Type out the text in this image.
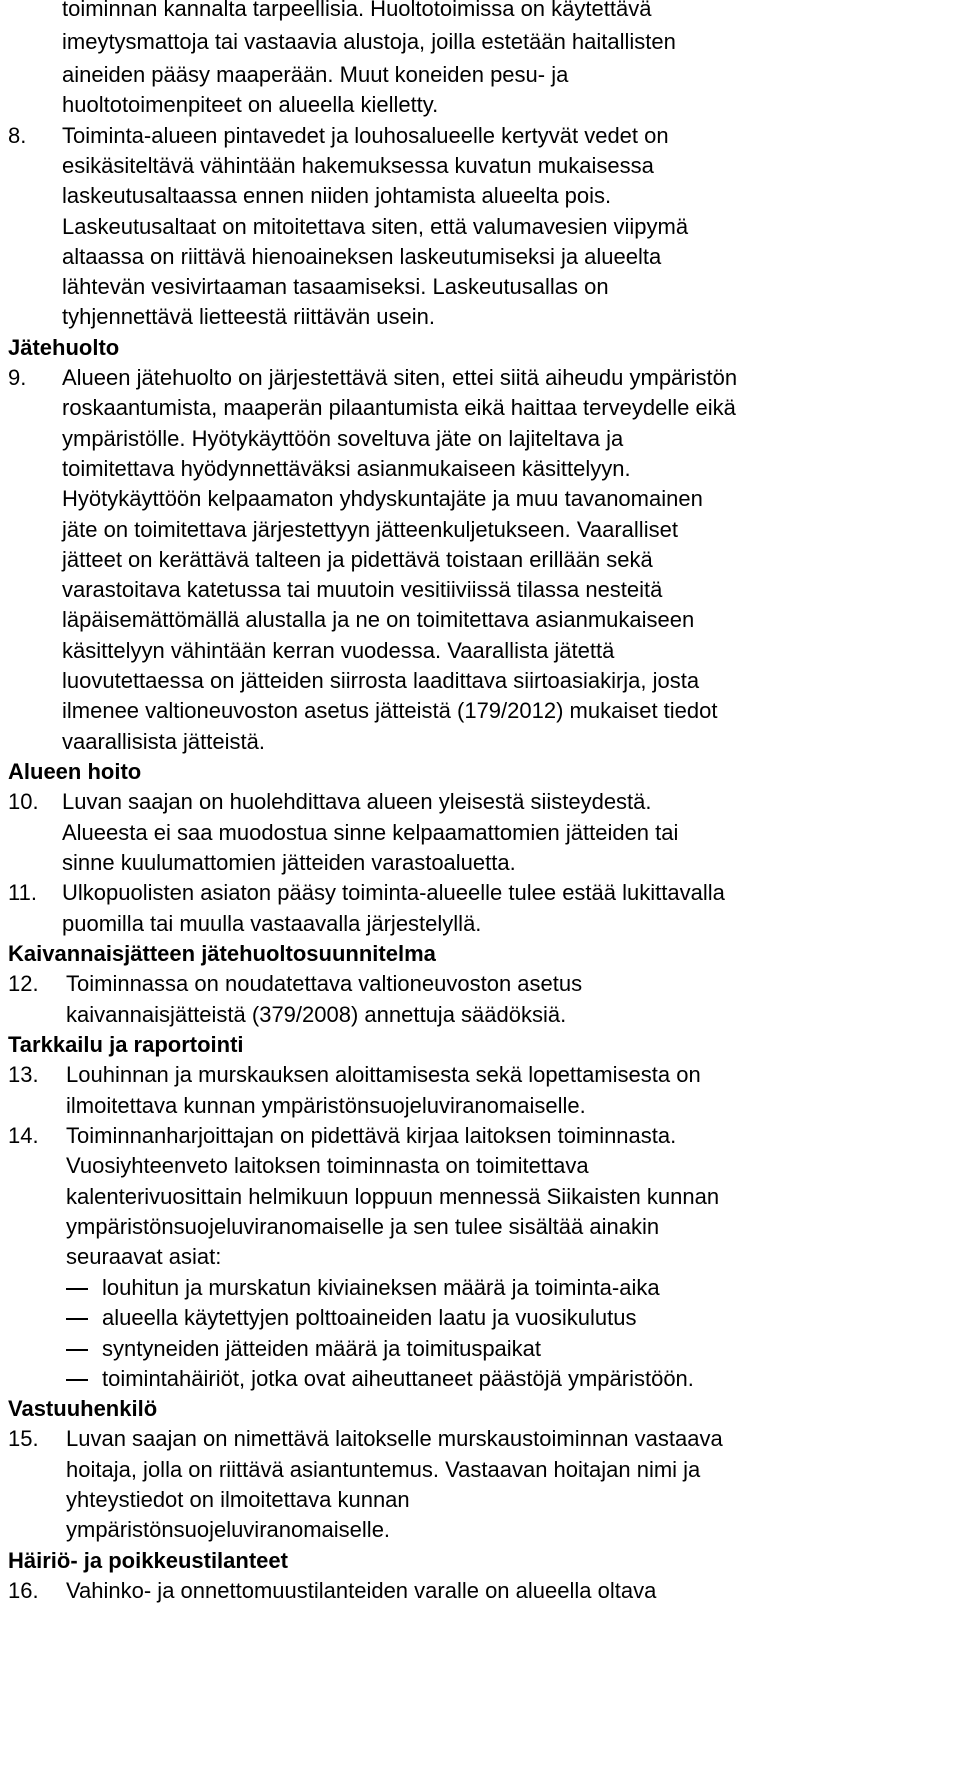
toiminnan kannalta tarpeellisia. Huoltotoimissa on käytettävä
imeytysmattoja tai vastaavia alustoja, joilla estetään haitallisten
aineiden pääsy maaperään. Muut koneiden pesu- ja
huoltotoimenpiteet on alueella kielletty.
8. Toiminta-alueen pintavedet ja louhosalueelle kertyvät vedet on
esikäsiteltävä vähintään hakemuksessa kuvatun mukaisessa
laskeutusaltaassa ennen niiden johtamista alueelta pois.
Laskeutusaltaat on mitoitettava siten, että valumavesien viipymä
altaassa on riittävä hienoaineksen laskeutumiseksi ja alueelta
lähtevän vesivirtaaman tasaamiseksi. Laskeutusallas on
tyhjennettävä lietteestä riittävän usein.
Jätehuolto
9. Alueen jätehuolto on järjestettävä siten, ettei siitä aiheudu ympäristön
roskaantumista, maaperän pilaantumista eikä haittaa terveydelle eikä
ympäristölle. Hyötykäyttöön soveltuva jäte on lajiteltava ja
toimitettava hyödynnettäväksi asianmukaiseen käsittelyyn.
Hyötykäyttöön kelpaamaton yhdyskuntajäte ja muu tavanomainen
jäte on toimitettava järjestettyyn jätteenkuljetukseen. Vaaralliset
jätteet on kerättävä talteen ja pidettävä toistaan erillään sekä
varastoitava katetussa tai muutoin vesitiiviissä tilassa nesteitä
läpäisemättömällä alustalla ja ne on toimitettava asianmukaiseen
käsittelyyn vähintään kerran vuodessa. Vaarallista jätettä
luovutettaessa on jätteiden siirrosta laadittava siirtoasiakirja, josta
ilmenee valtioneuvoston asetus jätteistä (179/2012) mukaiset tiedot
vaarallisista jätteistä.
Alueen hoito
10. Luvan saajan on huolehdittava alueen yleisestä siisteydestä.
Alueesta ei saa muodostua sinne kelpaamattomien jätteiden tai
sinne kuulumattomien jätteiden varastoaluetta.
11. Ulkopuolisten asiaton pääsy toiminta-alueelle tulee estää lukittavalla
puomilla tai muulla vastaavalla järjestelyllä.
Kaivannaisjätteen jätehuoltosuunnitelma
12. Toiminnassa on noudatettava valtioneuvoston asetus
kaivannaisjätteistä (379/2008) annettuja säädöksiä.
Tarkkailu ja raportointi
13. Louhinnan ja murskauksen aloittamisesta sekä lopettamisesta on
ilmoitettava kunnan ympäristönsuojeluviranomaiselle.
14. Toiminnanharjoittajan on pidettävä kirjaa laitoksen toiminnasta.
Vuosiyhteenveto laitoksen toiminnasta on toimitettava
kalenterivuosittain helmikuun loppuun mennessä Siikaisten kunnan
ympäristönsuojeluviranomaiselle ja sen tulee sisältää ainakin
seuraavat asiat:
louhitun ja murskatun kiviaineksen määrä ja toiminta-aika
alueella käytettyjen polttoaineiden laatu ja vuosikulutus
syntyneiden jätteiden määrä ja toimituspaikat
toimintahäiriöt, jotka ovat aiheuttaneet päästöjä ympäristöön.
Vastuuhenkilö
15. Luvan saajan on nimettävä laitokselle murskaustoiminnan vastaava
hoitaja, jolla on riittävä asiantuntemus. Vastaavan hoitajan nimi ja
yhteystiedot on ilmoitettava kunnan
ympäristönsuojeluviranomaiselle.
Häiriö- ja poikkeustilanteet
16. Vahinko- ja onnettomuustilanteiden varalle on alueella oltava
